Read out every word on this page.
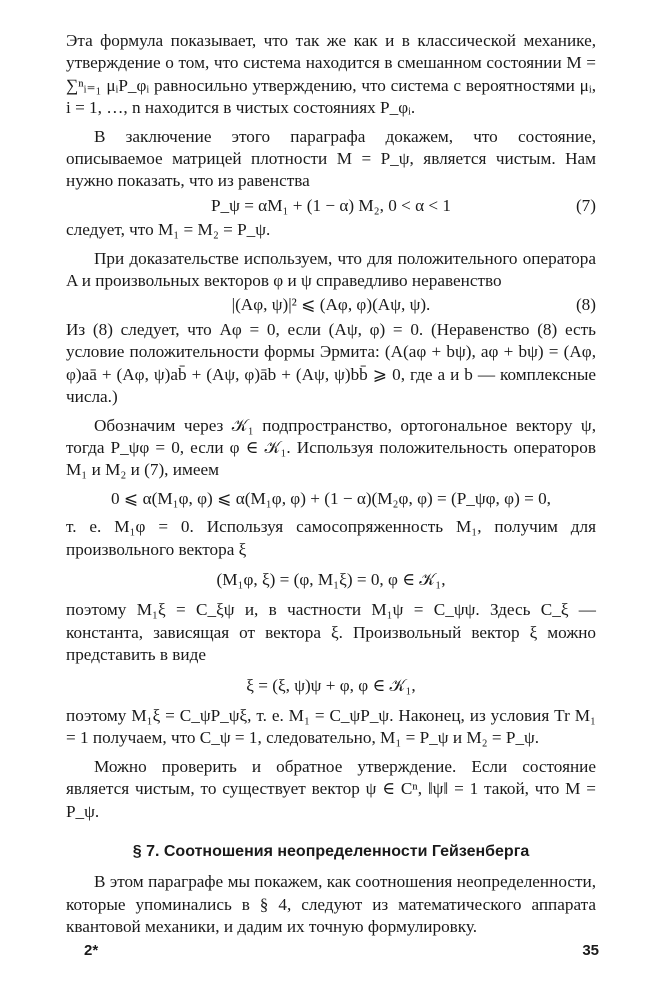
Эта формула показывает, что так же как и в классической механике, утверждение о том, что система находится в смешанном состоянии M = ∑ⁿᵢ₌₁ μᵢP_φᵢ равносильно утверждению, что система с вероятностями μᵢ, i = 1, …, n находится в чистых состояниях P_φᵢ.

В заключение этого параграфа докажем, что состояние, описываемое матрицей плотности M = P_ψ, является чистым. Нам нужно показать, что из равенства

P_ψ = αM₁ + (1 − α) M₂, 0 < α < 1	(7)

следует, что M₁ = M₂ = P_ψ.

При доказательстве используем, что для положительного оператора A и произвольных векторов φ и ψ справедливо неравенство

|(Aφ, ψ)|² ⩽ (Aφ, φ)(Aψ, ψ).	(8)

Из (8) следует, что Aφ = 0, если (Aψ, φ) = 0. (Неравенство (8) есть условие положительности формы Эрмита: (A(aφ + bψ), aφ + bψ) = (Aφ, φ)aā + (Aφ, ψ)ab̄ + (Aψ, φ)āb + (Aψ, ψ)bb̄ ⩾ 0, где a и b — комплексные числа.)

Обозначим через 𝒦₁ подпространство, ортогональное вектору ψ, тогда P_ψφ = 0, если φ ∈ 𝒦₁. Используя положительность операторов M₁ и M₂ и (7), имеем

0 ⩽ α(M₁φ, φ) ⩽ α(M₁φ, φ) + (1 − α)(M₂φ, φ) = (P_ψφ, φ) = 0,

т. е. M₁φ = 0. Используя самосопряженность M₁, получим для произвольного вектора ξ

(M₁φ, ξ) = (φ, M₁ξ) = 0, φ ∈ 𝒦₁,

поэтому M₁ξ = C_ξψ и, в частности M₁ψ = C_ψψ. Здесь C_ξ — константа, зависящая от вектора ξ. Произвольный вектор ξ можно представить в виде

ξ = (ξ, ψ)ψ + φ, φ ∈ 𝒦₁,

поэтому M₁ξ = C_ψP_ψξ, т. е. M₁ = C_ψP_ψ. Наконец, из условия Tr M₁ = 1 получаем, что C_ψ = 1, следовательно, M₁ = P_ψ и M₂ = P_ψ.

Можно проверить и обратное утверждение. Если состояние является чистым, то существует вектор ψ ∈ Cⁿ, ‖ψ‖ = 1 такой, что M = P_ψ.

§ 7. Соотношения неопределенности Гейзенберга

В этом параграфе мы покажем, как соотношения неопределенности, которые упоминались в § 4, следуют из математического аппарата квантовой механики, и дадим их точную формулировку.

2*	35
